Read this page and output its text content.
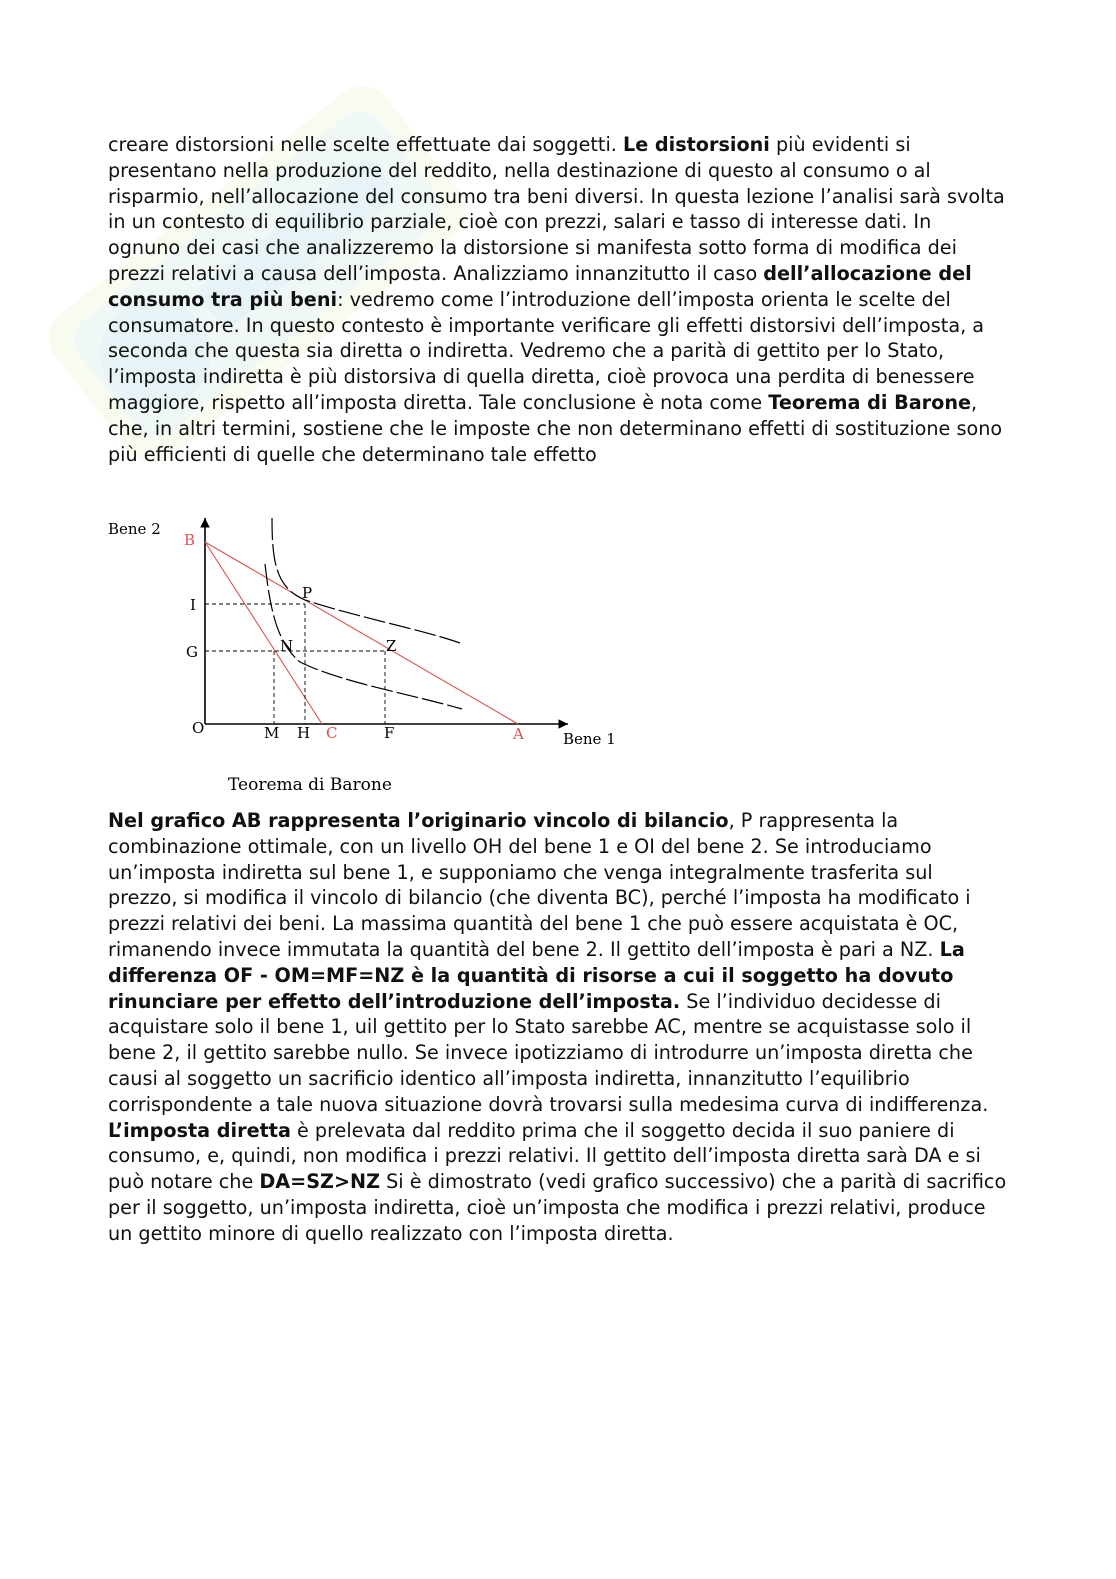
creare distorsioni nelle scelte effettuate dai soggetti. Le distorsioni più evidenti si presentano nella produzione del reddito, nella destinazione di questo al consumo o al risparmio, nell’allocazione del consumo tra beni diversi. In questa lezione l’analisi sarà svolta in un contesto di equilibrio parziale, cioè con prezzi, salari e tasso di interesse dati. In ognuno dei casi che analizzeremo la distorsione si manifesta sotto forma di modifica dei prezzi relativi a causa dell’imposta. Analizziamo innanzitutto il caso dell’allocazione del consumo tra più beni: vedremo come l’introduzione dell’imposta orienta le scelte del consumatore. In questo contesto è importante verificare gli effetti distorsivi dell’imposta, a seconda che questa sia diretta o indiretta. Vedremo che a parità di gettito per lo Stato, l’imposta indiretta è più distorsiva di quella diretta, cioè provoca una perdita di benessere maggiore, rispetto all’imposta diretta. Tale conclusione è nota come Teorema di Barone, che, in altri termini, sostiene che le imposte che non determinano effetti di sostituzione sono più efficienti di quelle che determinano tale effetto

Bene 2
Bene 1
B
I
G
O	M H C	F	A
P
N	Z
Teorema di Barone

Nel grafico AB rappresenta l’originario vincolo di bilancio, P rappresenta la combinazione ottimale, con un livello OH del bene 1 e OI del bene 2. Se introduciamo un’imposta indiretta sul bene 1, e supponiamo che venga integralmente trasferita sul prezzo, si modifica il vincolo di bilancio (che diventa BC), perché l’imposta ha modificato i prezzi relativi dei beni. La massima quantità del bene 1 che può essere acquistata è OC, rimanendo invece immutata la quantità del bene 2. Il gettito dell’imposta è pari a NZ. La differenza OF - OM=MF=NZ è la quantità di risorse a cui il soggetto ha dovuto rinunciare per effetto dell’introduzione dell’imposta. Se l’individuo decidesse di acquistare solo il bene 1, uil gettito per lo Stato sarebbe AC, mentre se acquistasse solo il bene 2, il gettito sarebbe nullo. Se invece ipotizziamo di introdurre un’imposta diretta che causi al soggetto un sacrificio identico all’imposta indiretta, innanzitutto l’equilibrio corrispondente a tale nuova situazione dovrà trovarsi sulla medesima curva di indifferenza. L’imposta diretta è prelevata dal reddito prima che il soggetto decida il suo paniere di consumo, e, quindi, non modifica i prezzi relativi. Il gettito dell’imposta diretta sarà DA e si può notare che DA=SZ>NZ Si è dimostrato (vedi grafico successivo) che a parità di sacrifico per il soggetto, un’imposta indiretta, cioè un’imposta che modifica i prezzi relativi, produce un gettito minore di quello realizzato con l’imposta diretta.
